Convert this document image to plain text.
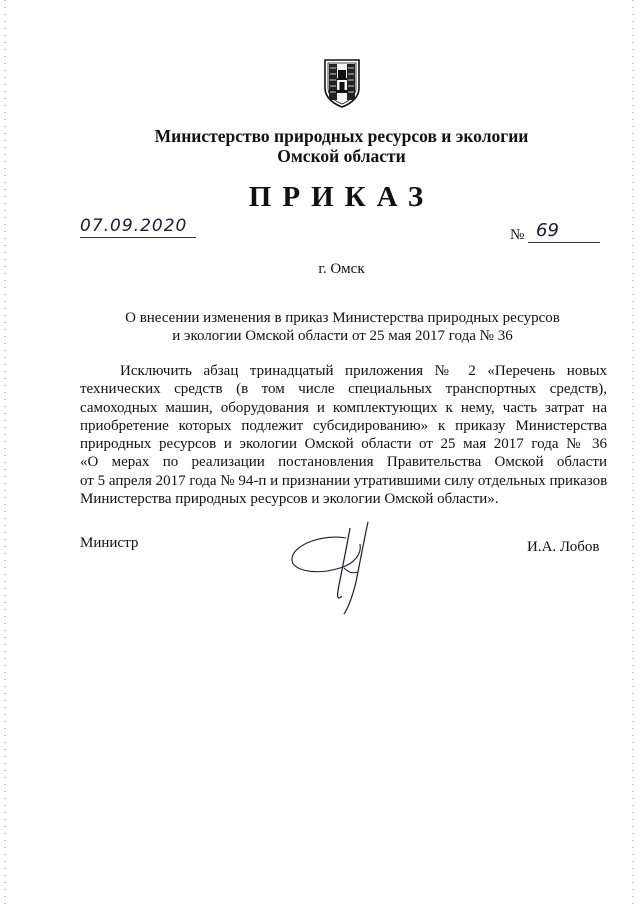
Министерство природных ресурсов и экологии
Омской области
ПРИКАЗ
07.09.2020	№ 69
г. Омск
О внесении изменения в приказ Министерства природных ресурсов
и экологии Омской области от 25 мая 2017 года № 36

Исключить абзац тринадцатый приложения № 2 «Перечень новых
технических средств (в том числе специальных транспортных средств),
самоходных машин, оборудования и комплектующих к нему, часть затрат на
приобретение которых подлежит субсидированию» к приказу Министерства
природных ресурсов и экологии Омской области от 25 мая 2017 года № 36
«О мерах по реализации постановления Правительства Омской области
от 5 апреля 2017 года № 94-п и признании утратившими силу отдельных приказов
Министерства природных ресурсов и экологии Омской области».

Министр	И.А. Лобов
